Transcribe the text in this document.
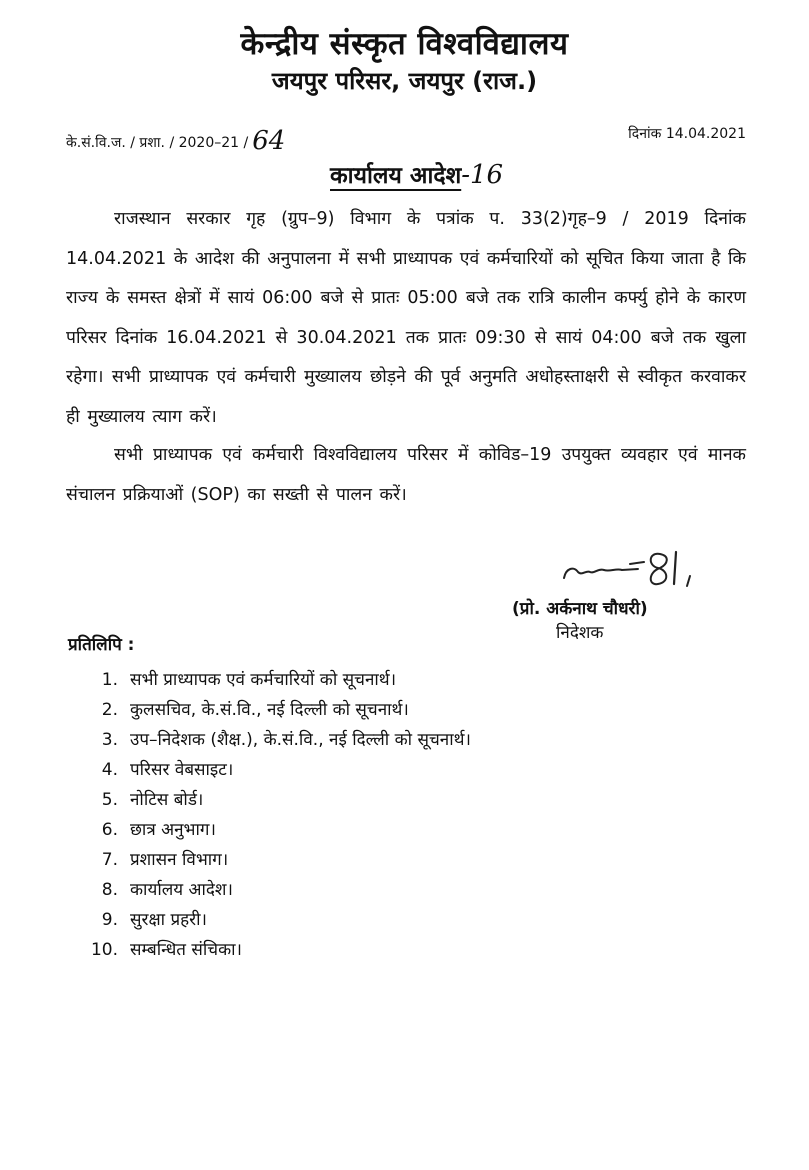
केन्द्रीय संस्कृत विश्वविद्यालय
जयपुर परिसर, जयपुर (राज.)
के.सं.वि.ज. / प्रशा. / 2020–21 / 64	दिनांक 14.04.2021
कार्यालय आदेश-16
राजस्थान सरकार गृह (ग्रुप–9) विभाग के पत्रांक प. 33(2)गृह–9 / 2019 दिनांक 14.04.2021 के आदेश की अनुपालना में सभी प्राध्यापक एवं कर्मचारियों को सूचित किया जाता है कि राज्य के समस्त क्षेत्रों में सायं 06:00 बजे से प्रातः 05:00 बजे तक रात्रि कालीन कर्फ्यु होने के कारण परिसर दिनांक 16.04.2021 से 30.04.2021 तक प्रातः 09:30 से सायं 04:00 बजे तक खुला रहेगा। सभी प्राध्यापक एवं कर्मचारी मुख्यालय छोड़ने की पूर्व अनुमति अधोहस्ताक्षरी से स्वीकृत करवाकर ही मुख्यालय त्याग करें।
सभी प्राध्यापक एवं कर्मचारी विश्वविद्यालय परिसर में कोविड–19 उपयुक्त व्यवहार एवं मानक संचालन प्रक्रियाओं (SOP) का सख्ती से पालन करें।
(प्रो. अर्कनाथ चौधरी)
निदेशक
प्रतिलिपि :
1. सभी प्राध्यापक एवं कर्मचारियों को सूचनार्थ।
2. कुलसचिव, के.सं.वि., नई दिल्ली को सूचनार्थ।
3. उप–निदेशक (शैक्ष.), के.सं.वि., नई दिल्ली को सूचनार्थ।
4. परिसर वेबसाइट।
5. नोटिस बोर्ड।
6. छात्र अनुभाग।
7. प्रशासन विभाग।
8. कार्यालय आदेश।
9. सुरक्षा प्रहरी।
10. सम्बन्धित संचिका।
